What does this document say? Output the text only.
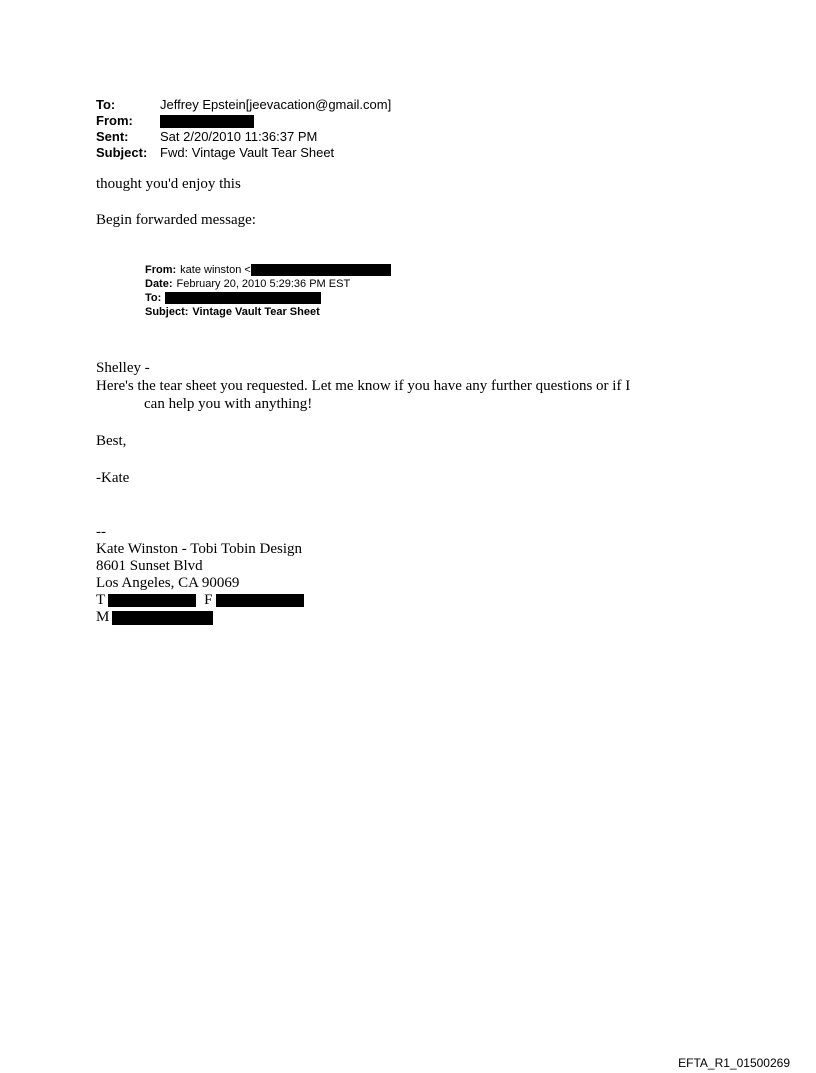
To:	Jeffrey Epstein[jeevacation@gmail.com]
From:
Sent:	Sat 2/20/2010 11:36:37 PM
Subject: Fwd: Vintage Vault Tear Sheet

thought you'd enjoy this

Begin forwarded message:

From: kate winston <
Date: February 20, 2010 5:29:36 PM EST
To:
Subject: Vintage Vault Tear Sheet

Shelley -

Here's the tear sheet you requested. Let me know if you have any further questions or if I
can help you with anything!

Best,

-Kate

--
Kate Winston - Tobi Tobin Design
8601 Sunset Blvd
Los Angeles, CA 90069
T	F
M
EFTA_R1_01500269
